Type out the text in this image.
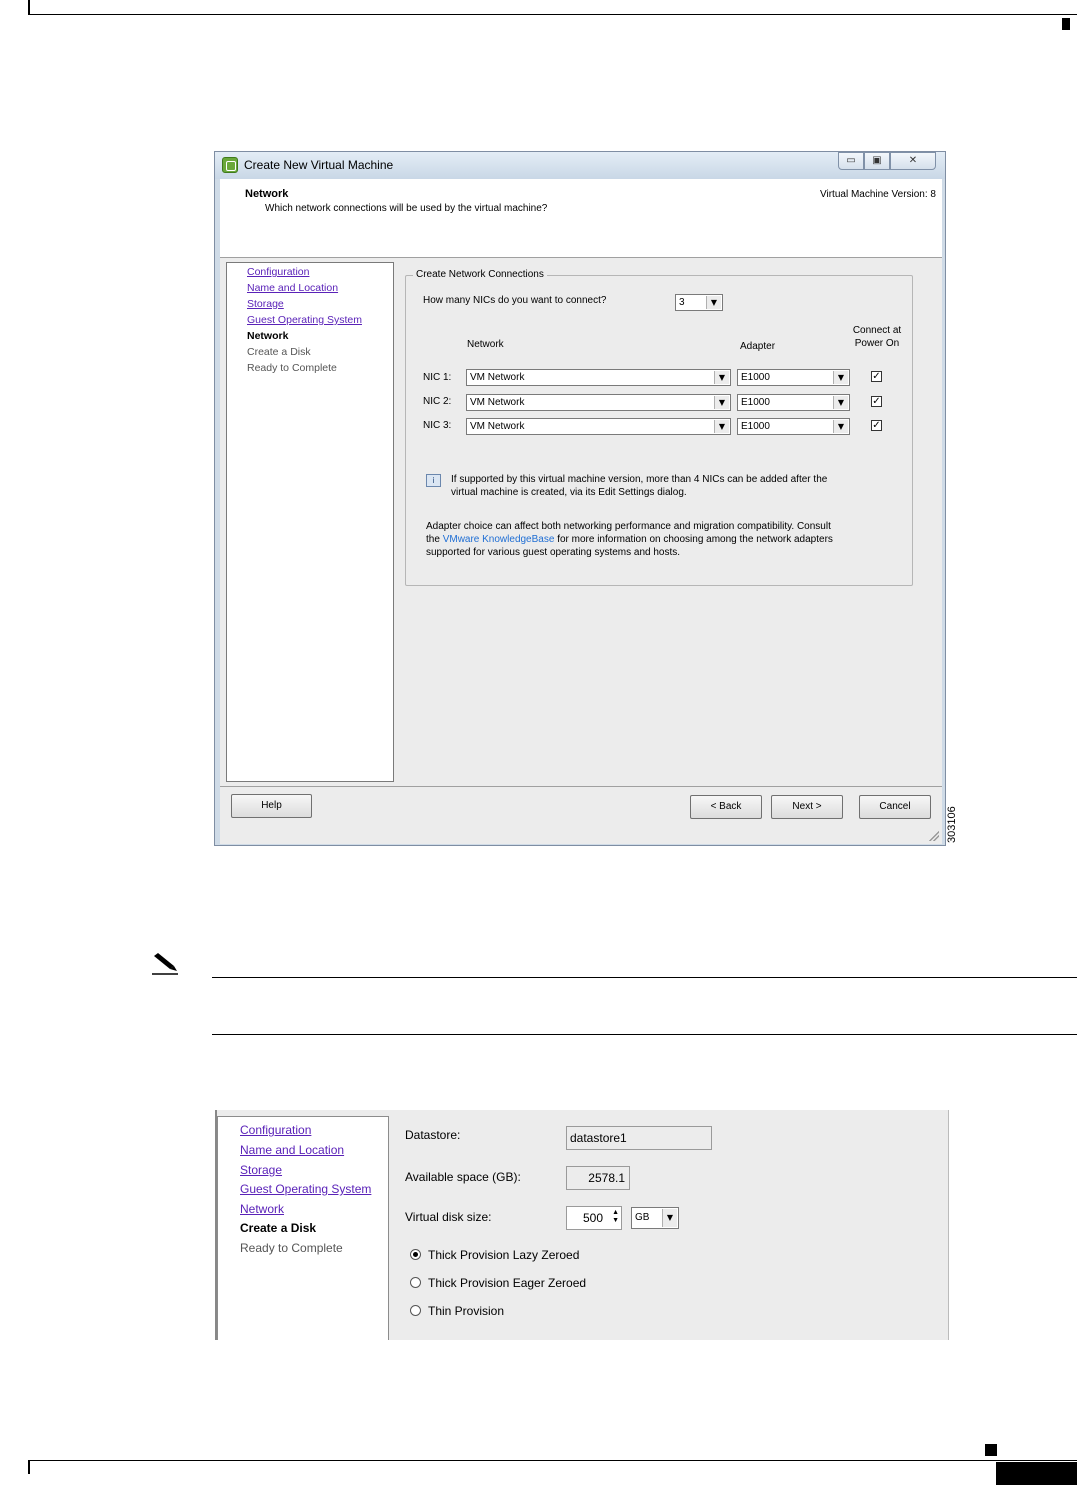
Create New Virtual Machine	▭	▣	✕
Network
Which network connections will be used by the virtual machine?
Virtual Machine Version: 8
Configuration
Name and Location
Storage
Guest Operating System
Network
Create a Disk
Ready to Complete
Create Network Connections
How many NICs do you want to connect?	3	▼
Network	Adapter
Connect at
Power On
NIC 1: VM Network	▼	E1000	▼	✓
NIC 2: VM Network	▼	E1000	▼	✓
NIC 3: VM Network	▼	E1000	▼	✓
i	If supported by this virtual machine version, more than 4 NICs can be added after the
virtual machine is created, via its Edit Settings dialog.
Adapter choice can affect both networking performance and migration compatibility. Consult
the VMware KnowledgeBase for more information on choosing among the network adapters
supported for various guest operating systems and hosts.
Help	< Back	Next >	Cancel
303106
Configuration
Name and Location
Storage
Guest Operating System
Network
Create a Disk
Ready to Complete
Datastore:	datastore1
Available space (GB):	2578.1
Virtual disk size:	500 ▲
▼ GB	▼
Thick Provision Lazy Zeroed
Thick Provision Eager Zeroed
Thin Provision
